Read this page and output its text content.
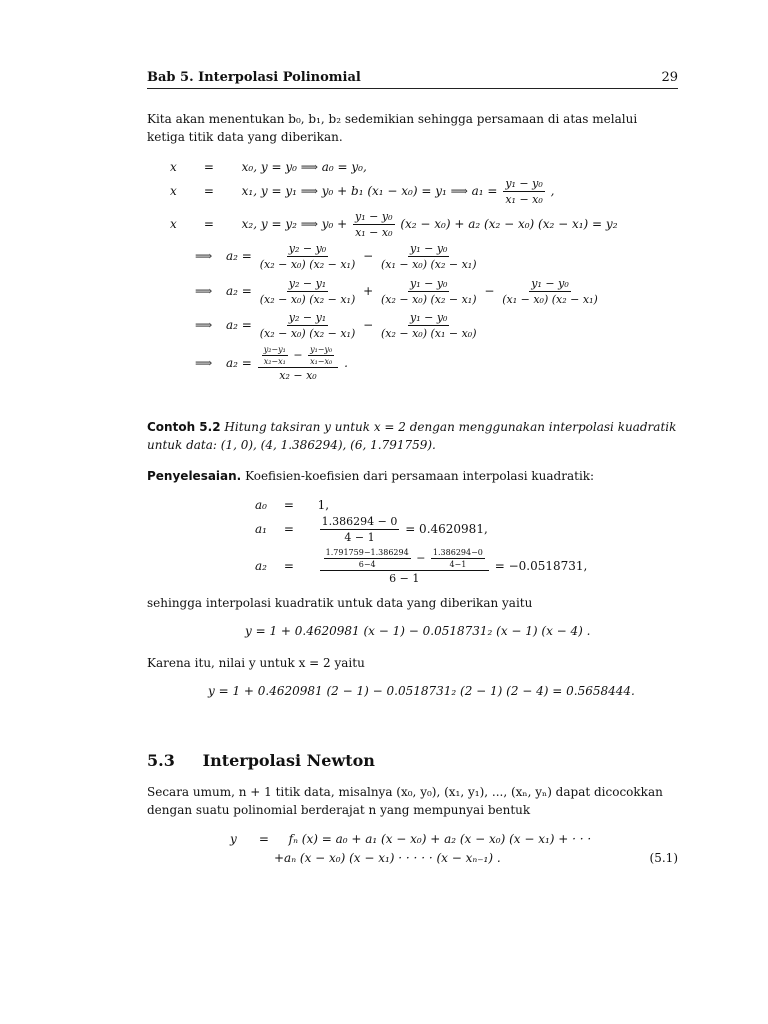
Bab 5. Interpolasi Polinomial	29
Kita akan menentukan b₀, b₁, b₂ sedemikian sehingga persamaan di atas melalui ketiga titik data yang diberikan.
x = x₀, y = y₀ ⟹ a₀ = y₀,
x = x₁, y = y₁ ⟹ y₀ + b₁ (x₁ − x₀) = y₁ ⟹ $a_1 = \frac{\text{y₁ − y₀}}{\text{x₁ − x₀}}$ ,
x = x₂, y = y₂ ⟹ $y_0 + \frac{\text{y₁ − y₀}}{\text{x₁ − x₀}} (x_2 - x_0) + a_2$ (x₂ − x₀) (x₂ − x₁) = y₂
⟹ $a_2 = \frac{\text{y₂ − y₀}}{\text{(x₂ − x₀) (x₂ − x₁)}} - \frac{\text{y₁ − y₀}}{\text{(x₁ − x₀) (x₂ − x₁)}}$
⟹ $a_2 = \frac{\text{y₂ − y₁}}{\text{(x₂ − x₀) (x₂ − x₁)}} + \frac{\text{y₁ − y₀}}{\text{(x₂ − x₀) (x₂ − x₁)}} - \frac{\text{y₁ − y₀}}{\text{(x₁ − x₀) (x₂ − x₁)}}$
⟹ $a_2 = \frac{\text{y₂ − y₁}}{\text{(x₂ − x₀) (x₂ − x₁)}} - \frac{\text{y₁ − y₀}}{\text{(x₂ − x₀) (x₁ − x₀)}}$
⟹ $a_2 = \frac{\text{y₂−y₁}}{\text{x₂−x₁}} - \frac{\text{y₁−y₀}}{\text{x₁−x₀}}$
x₂ − x₀
.
Contoh 5.2 Hitung taksiran y untuk x = 2 dengan menggunakan interpolasi kuadratik untuk data: (1, 0), (4, 1.386294), (6, 1.791759).
Penyelesaian. Koefisien-koefisien dari persamaan interpolasi kuadratik:
a₀ = 1,
$a_1 = \frac{1.386294 - 0}{4 - 1} = 0.4620981$,
a₂ =	$\frac{1.791759-1.386294}{6-4} - \frac{1.386294-0}{4-1}$
6 − 1
= −0.0518731,
sehingga interpolasi kuadratik untuk data yang diberikan yaitu
y = 1 + 0.4620981 (x − 1) − 0.0518731₂ (x − 1) (x − 4) .
Karena itu, nilai y untuk x = 2 yaitu
y = 1 + 0.4620981 (2 − 1) − 0.0518731₂ (2 − 1) (2 − 4) = 0.5658444.
5.3 Interpolasi Newton
Secara umum, n + 1 titik data, misalnya (x₀, y₀), (x₁, y₁), ..., (xₙ, yₙ) dapat dicocokkan dengan suatu polinomial berderajat n yang mempunyai bentuk
y = fₙ (x) = a₀ + a₁ (x − x₀) + a₂ (x − x₀) (x − x₁) + · · ·
+aₙ (x − x₀) (x − x₁) · · · · · (x − xₙ₋₁) .	(5.1)
